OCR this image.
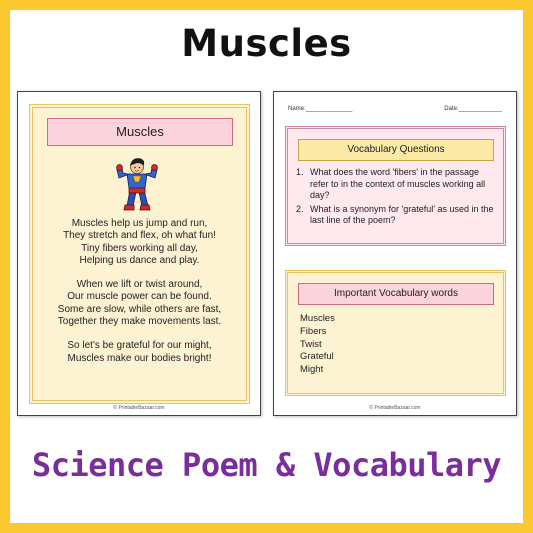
Muscles
Muscles
Muscles help us jump and run,
They stretch and flex, oh what fun!
Tiny fibers working all day,
Helping us dance and play.
When we lift or twist around,
Our muscle power can be found.
Some are slow, while others are fast,
Together they make movements last.
So let's be grateful for our might,
Muscles make our bodies bright!
© PrintableBazaar.com
Name:______________	Date:_____________
Vocabulary Questions
1. What does the word 'fibers' in the passage refer to in the context of muscles working all day?
2. What is a synonym for 'grateful' as used in the last line of the poem?
Important Vocabulary words
Muscles
Fibers
Twist
Grateful
Might
© PrintableBazaar.com
Science Poem & Vocabulary
